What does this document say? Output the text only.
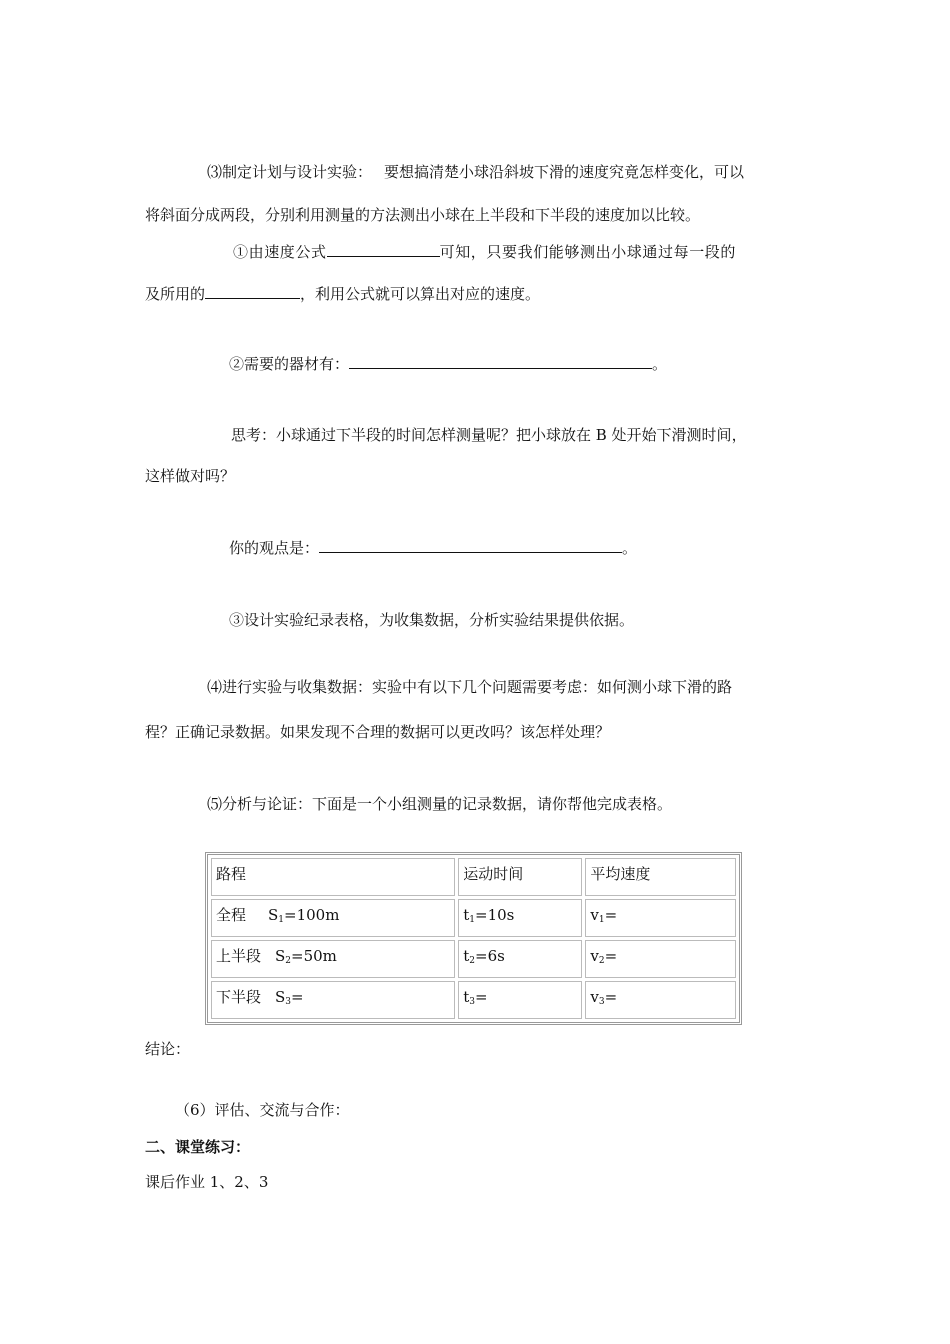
⑶制定计划与设计实验： 要想搞清楚小球沿斜坡下滑的速度究竟怎样变化，可以
将斜面分成两段，分别利用测量的方法测出小球在上半段和下半段的速度加以比较。
①由速度公式	可知，只要我们能够测出小球通过每一段的
及所用的	，利用公式就可以算出对应的速度。
②需要的器材有：	。
思考：小球通过下半段的时间怎样测量呢？把小球放在 B 处开始下滑测时间，
这样做对吗？
你的观点是：	。
③设计实验纪录表格，为收集数据，分析实验结果提供依据。
⑷进行实验与收集数据：实验中有以下几个问题需要考虑：如何测小球下滑的路
程？正确记录数据。如果发现不合理的数据可以更改吗？该怎样处理？
⑸分析与论证：下面是一个小组测量的记录数据，请你帮他完成表格。
路程	运动时间	平均速度
全程 $S_1=100m$	$t_1=10s$	$v_1=$
上半段 $S_2=50m$	$t_2=6s$	$v_2=$
下半段 $S_3=$	$t_3=$	$v_3=$
结论：
（6）评估、交流与合作：
二、课堂练习：
课后作业 1、2、3
